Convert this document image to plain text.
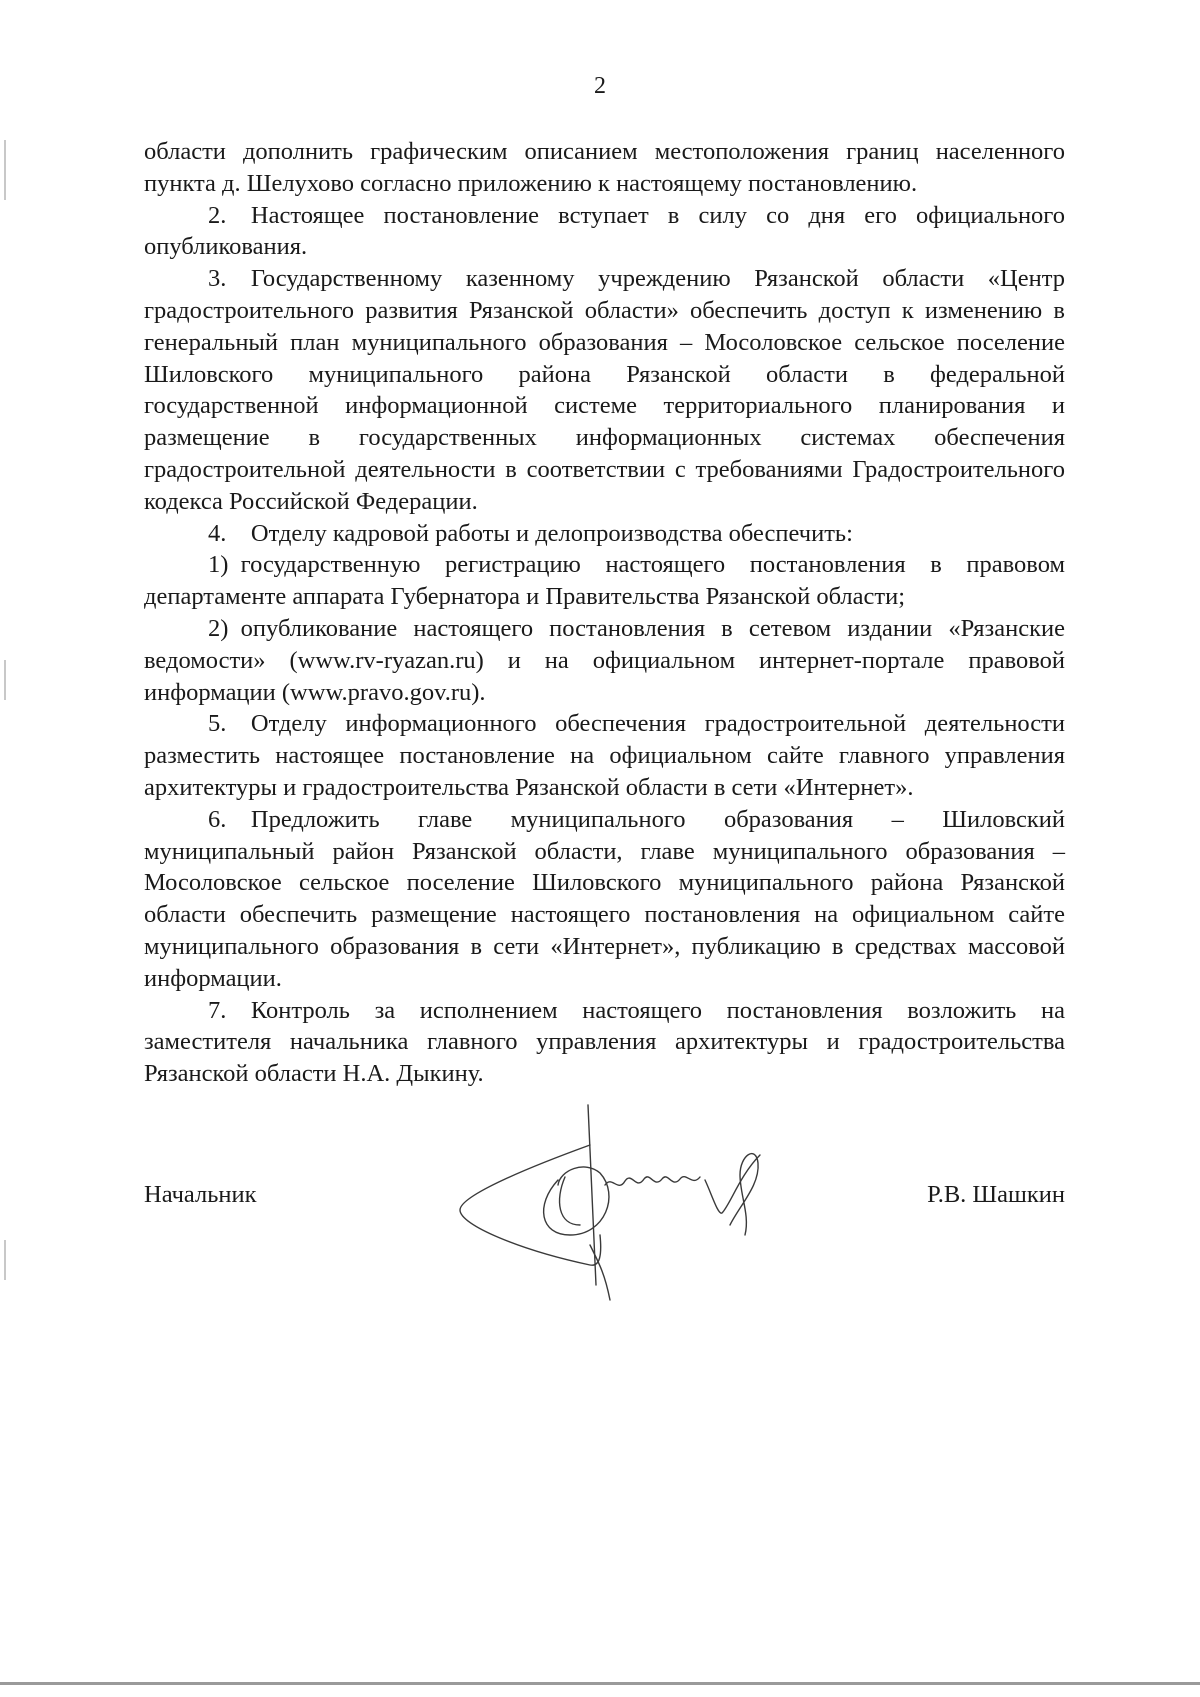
2

области дополнить графическим описанием местоположения границ населенного пункта д. Шелухово согласно приложению к настоящему постановлению.

2. Настоящее постановление вступает в силу со дня его официального опубликования.

3. Государственному казенному учреждению Рязанской области «Центр градостроительного развития Рязанской области» обеспечить доступ к изменению в генеральный план муниципального образования – Мосоловское сельское поселение Шиловского муниципального района Рязанской области в федеральной государственной информационной системе территориального планирования и размещение в государственных информационных системах обеспечения градостроительной деятельности в соответствии с требованиями Градостроительного кодекса Российской Федерации.

4. Отделу кадровой работы и делопроизводства обеспечить:

1) государственную регистрацию настоящего постановления в правовом департаменте аппарата Губернатора и Правительства Рязанской области;

2) опубликование настоящего постановления в сетевом издании «Рязанские ведомости» (www.rv-ryazan.ru) и на официальном интернет-портале правовой информации (www.pravo.gov.ru).

5. Отделу информационного обеспечения градостроительной деятельности разместить настоящее постановление на официальном сайте главного управления архитектуры и градостроительства Рязанской области в сети «Интернет».

6. Предложить главе муниципального образования – Шиловский муниципальный район Рязанской области, главе муниципального образования – Мосоловское сельское поселение Шиловского муниципального района Рязанской области обеспечить размещение настоящего постановления на официальном сайте муниципального образования в сети «Интернет», публикацию в средствах массовой информации.

7. Контроль за исполнением настоящего постановления возложить на заместителя начальника главного управления архитектуры и градостроительства Рязанской области Н.А. Дыкину.

Начальник	Р.В. Шашкин
